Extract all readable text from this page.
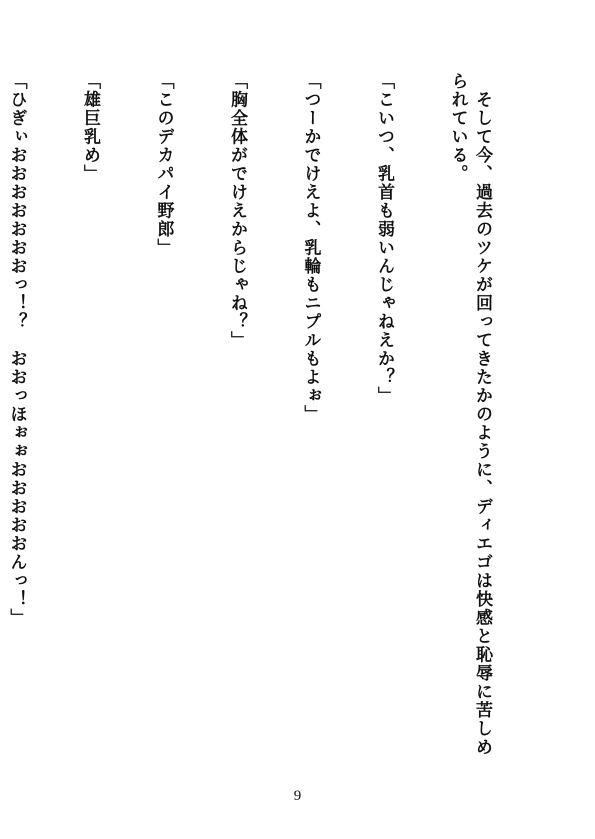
　そして今、過去のツケが回ってきたかのように、ディエゴは快感と恥辱に苦しめられている。

「こいつ、乳首も弱いんじゃねえか？」

「つーかでけえよ、乳輪もニプルもよぉ」

「胸全体がでけえからじゃね？」

「このデカパイ野郎」

「雄巨乳め」

「ひぎぃおおおおおおおっ！？　おおっほぉぉおおおおおんっ！」

9
